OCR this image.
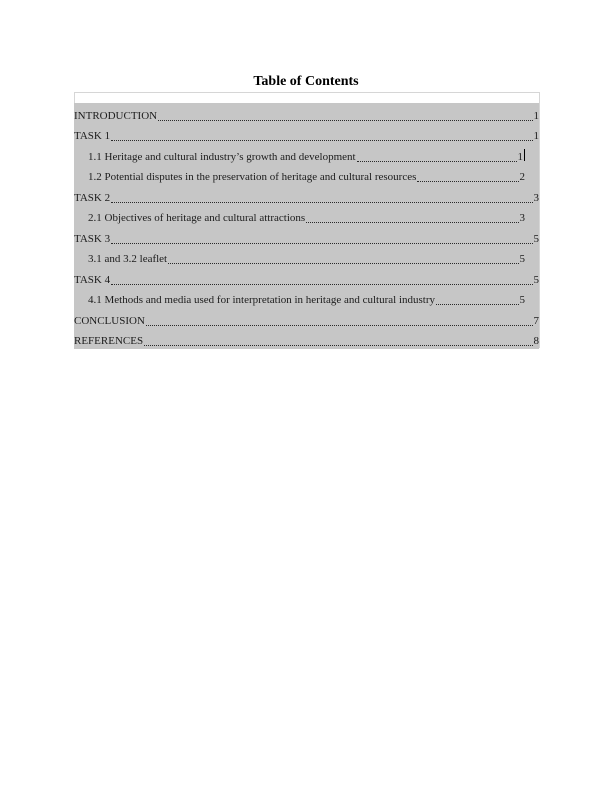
Table of Contents
INTRODUCTION	1
TASK 1	1
1.1 Heritage and cultural industry’s growth and development	1
1.2 Potential disputes in the preservation of heritage and cultural resources	2
TASK 2	3
2.1 Objectives of heritage and cultural attractions	3
TASK 3	5
3.1 and 3.2 leaflet	5
TASK 4	5
4.1 Methods and media used for interpretation in heritage and cultural industry	5
CONCLUSION	7
REFERENCES	8
